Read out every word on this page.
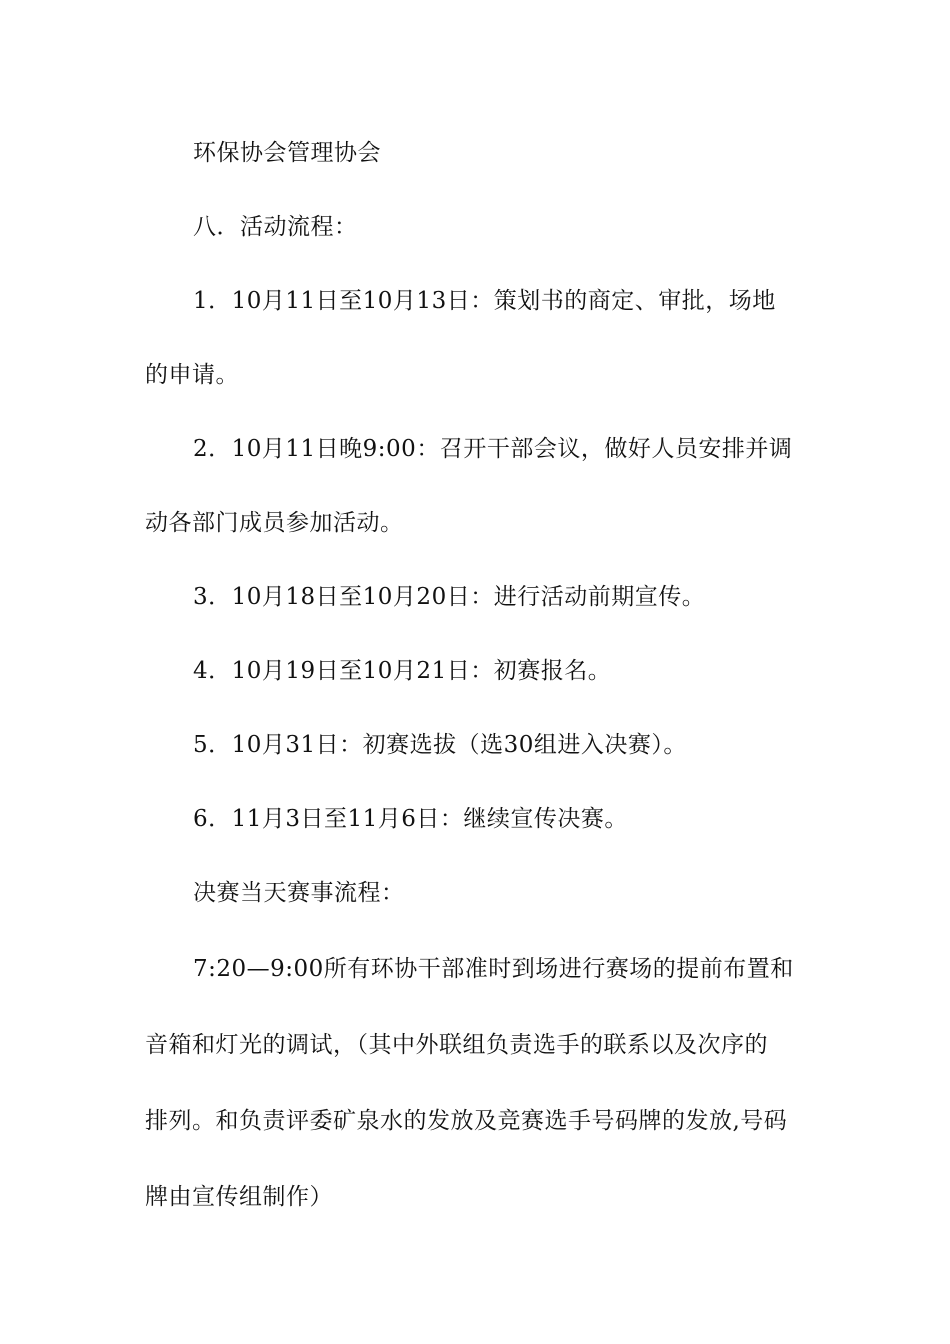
环保协会管理协会
八．活动流程：
1．10月11日至10月13日：策划书的商定、审批，场地
的申请。
2．10月11日晚9:00：召开干部会议，做好人员安排并调
动各部门成员参加活动。
3．10月18日至10月20日：进行活动前期宣传。
4．10月19日至10月21日：初赛报名。
5．10月31日：初赛选拔（选30组进入决赛）。
6．11月3日至11月6日：继续宣传决赛。
决赛当天赛事流程：
7:20—9:00所有环协干部准时到场进行赛场的提前布置和
音箱和灯光的调试，（其中外联组负责选手的联系以及次序的
排列。和负责评委矿泉水的发放及竞赛选手号码牌的发放,号码
牌由宣传组制作）
